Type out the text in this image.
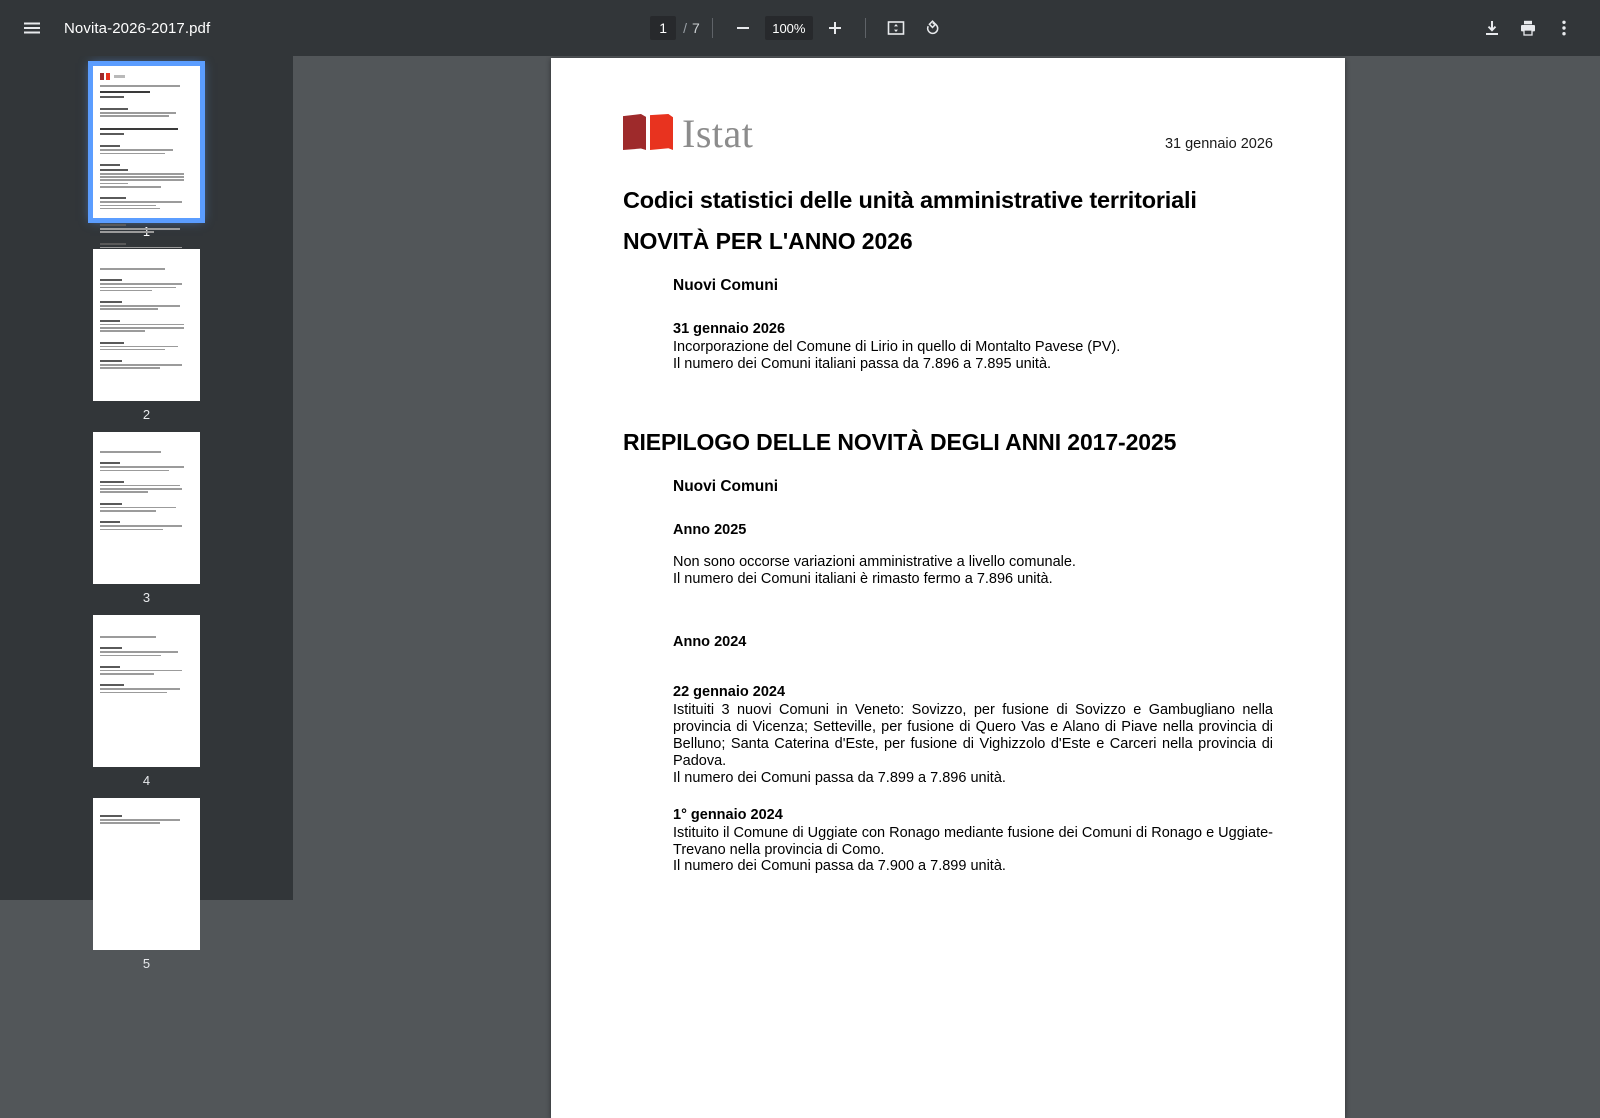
Novita-2026-2017.pdf
1	/ 7	100%
2
3
4
5
Istat	31 gennaio 2026
Codici statistici delle unità amministrative territoriali
NOVITÀ PER L'ANNO 2026
Nuovi Comuni
31 gennaio 2026

Incorporazione del Comune di Lirio in quello di Montalto Pavese (PV).

Il numero dei Comuni italiani passa da 7.896 a 7.895 unità.

RIEPILOGO DELLE NOVITÀ DEGLI ANNI 2017-2025
Nuovi Comuni
Anno 2025

Non sono occorse variazioni amministrative a livello comunale.

Il numero dei Comuni italiani è rimasto fermo a 7.896 unità.

Anno 2024
22 gennaio 2024

Istituiti 3 nuovi Comuni in Veneto: Sovizzo, per fusione di Sovizzo e Gambugliano nella provincia di Vicenza; Setteville, per fusione di Quero Vas e Alano di Piave nella provincia di Belluno; Santa Caterina d'Este, per fusione di Vighizzolo d'Este e Carceri nella provincia di Padova.

Il numero dei Comuni passa da 7.899 a 7.896 unità.

1° gennaio 2024

Istituito il Comune di Uggiate con Ronago mediante fusione dei Comuni di Ronago e Uggiate-Trevano nella provincia di Como.

Il numero dei Comuni passa da 7.900 a 7.899 unità.
